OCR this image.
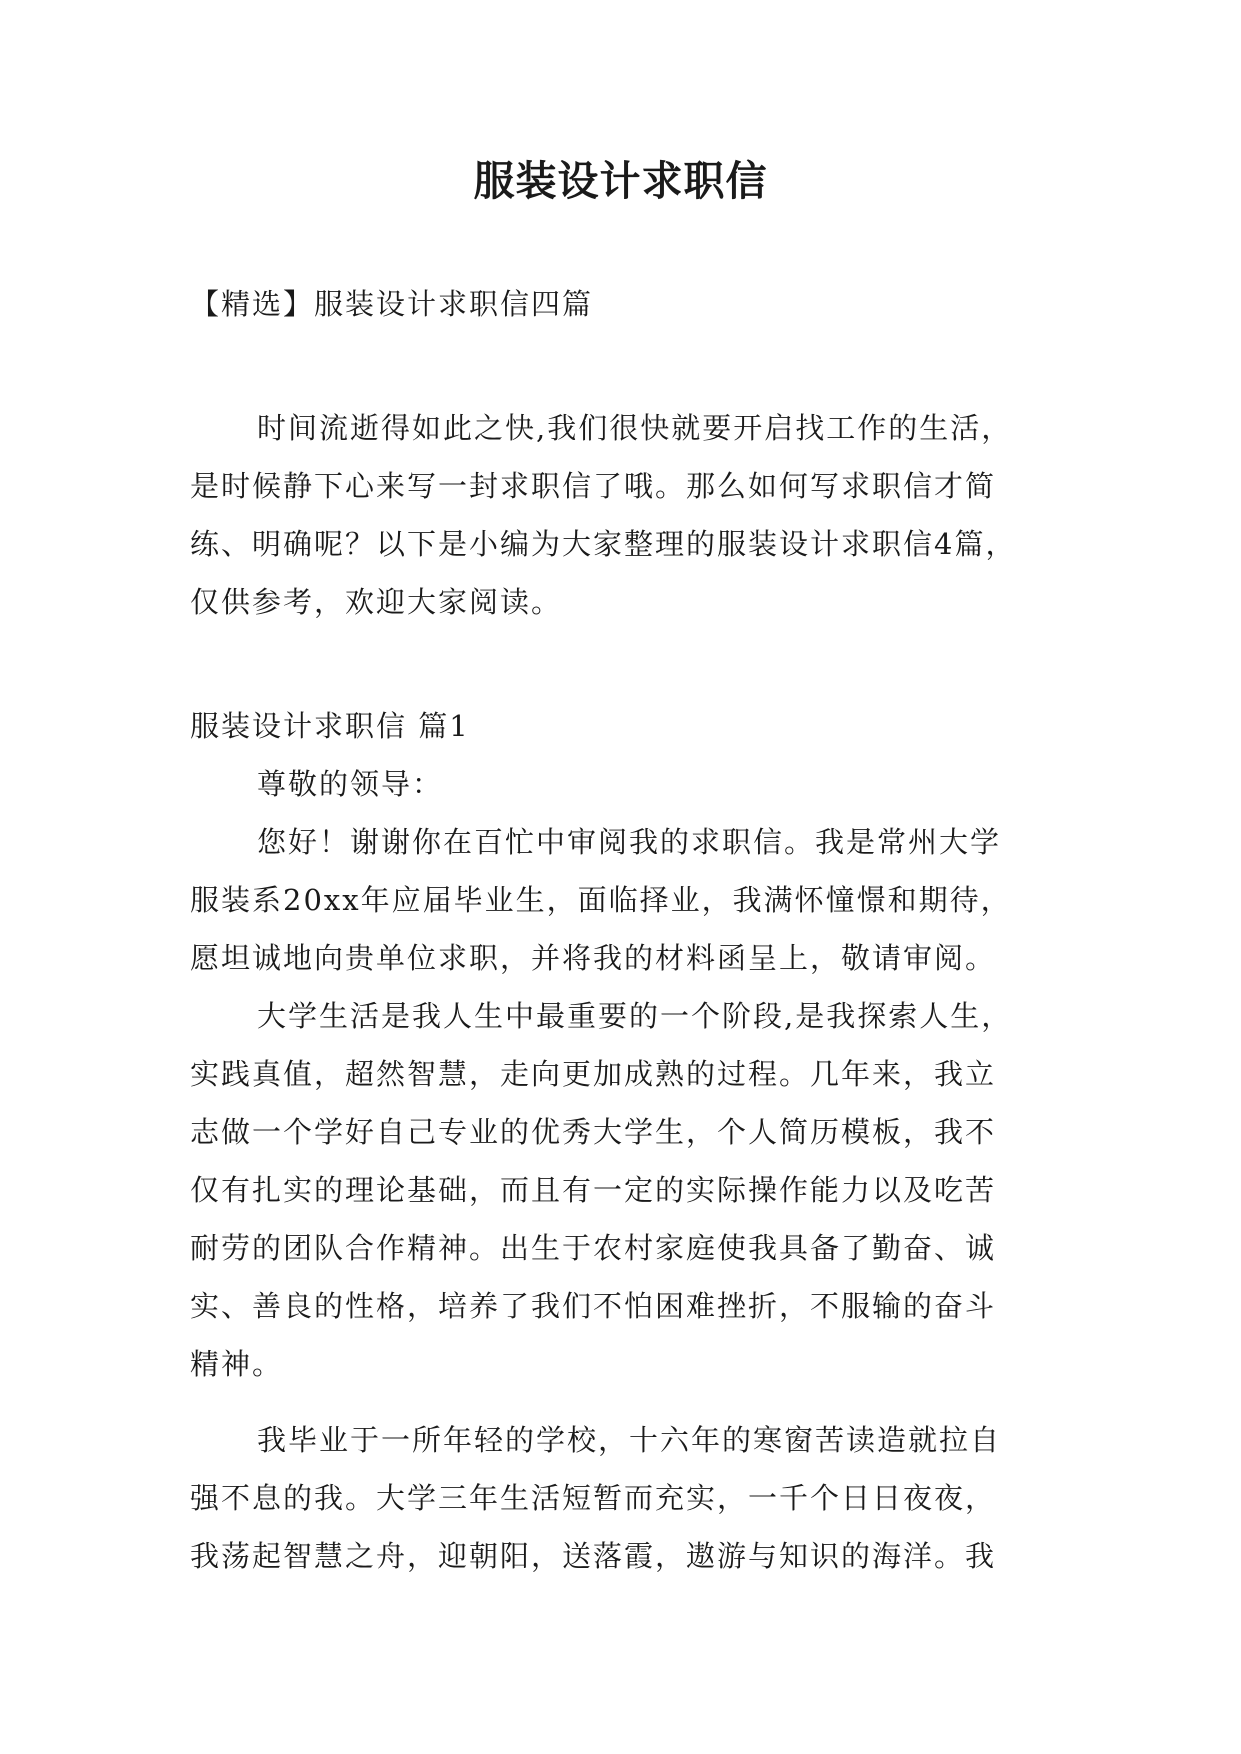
服装设计求职信
【精选】服装设计求职信四篇
时间流逝得如此之快,我们很快就要开启找工作的生活，
是时候静下心来写一封求职信了哦。那么如何写求职信才简
练、明确呢？以下是小编为大家整理的服装设计求职信4篇，
仅供参考，欢迎大家阅读。
服装设计求职信 篇1
尊敬的领导：
您好！谢谢你在百忙中审阅我的求职信。我是常州大学
服装系20xx年应届毕业生，面临择业，我满怀憧憬和期待，
愿坦诚地向贵单位求职，并将我的材料函呈上，敬请审阅。
大学生活是我人生中最重要的一个阶段,是我探索人生，
实践真值，超然智慧，走向更加成熟的过程。几年来，我立
志做一个学好自己专业的优秀大学生，个人简历模板，我不
仅有扎实的理论基础，而且有一定的实际操作能力以及吃苦
耐劳的团队合作精神。出生于农村家庭使我具备了勤奋、诚
实、善良的性格，培养了我们不怕困难挫折，不服输的奋斗
精神。
我毕业于一所年轻的学校，十六年的寒窗苦读造就拉自
强不息的我。大学三年生活短暂而充实，一千个日日夜夜，
我荡起智慧之舟，迎朝阳，送落霞，遨游与知识的海洋。我
